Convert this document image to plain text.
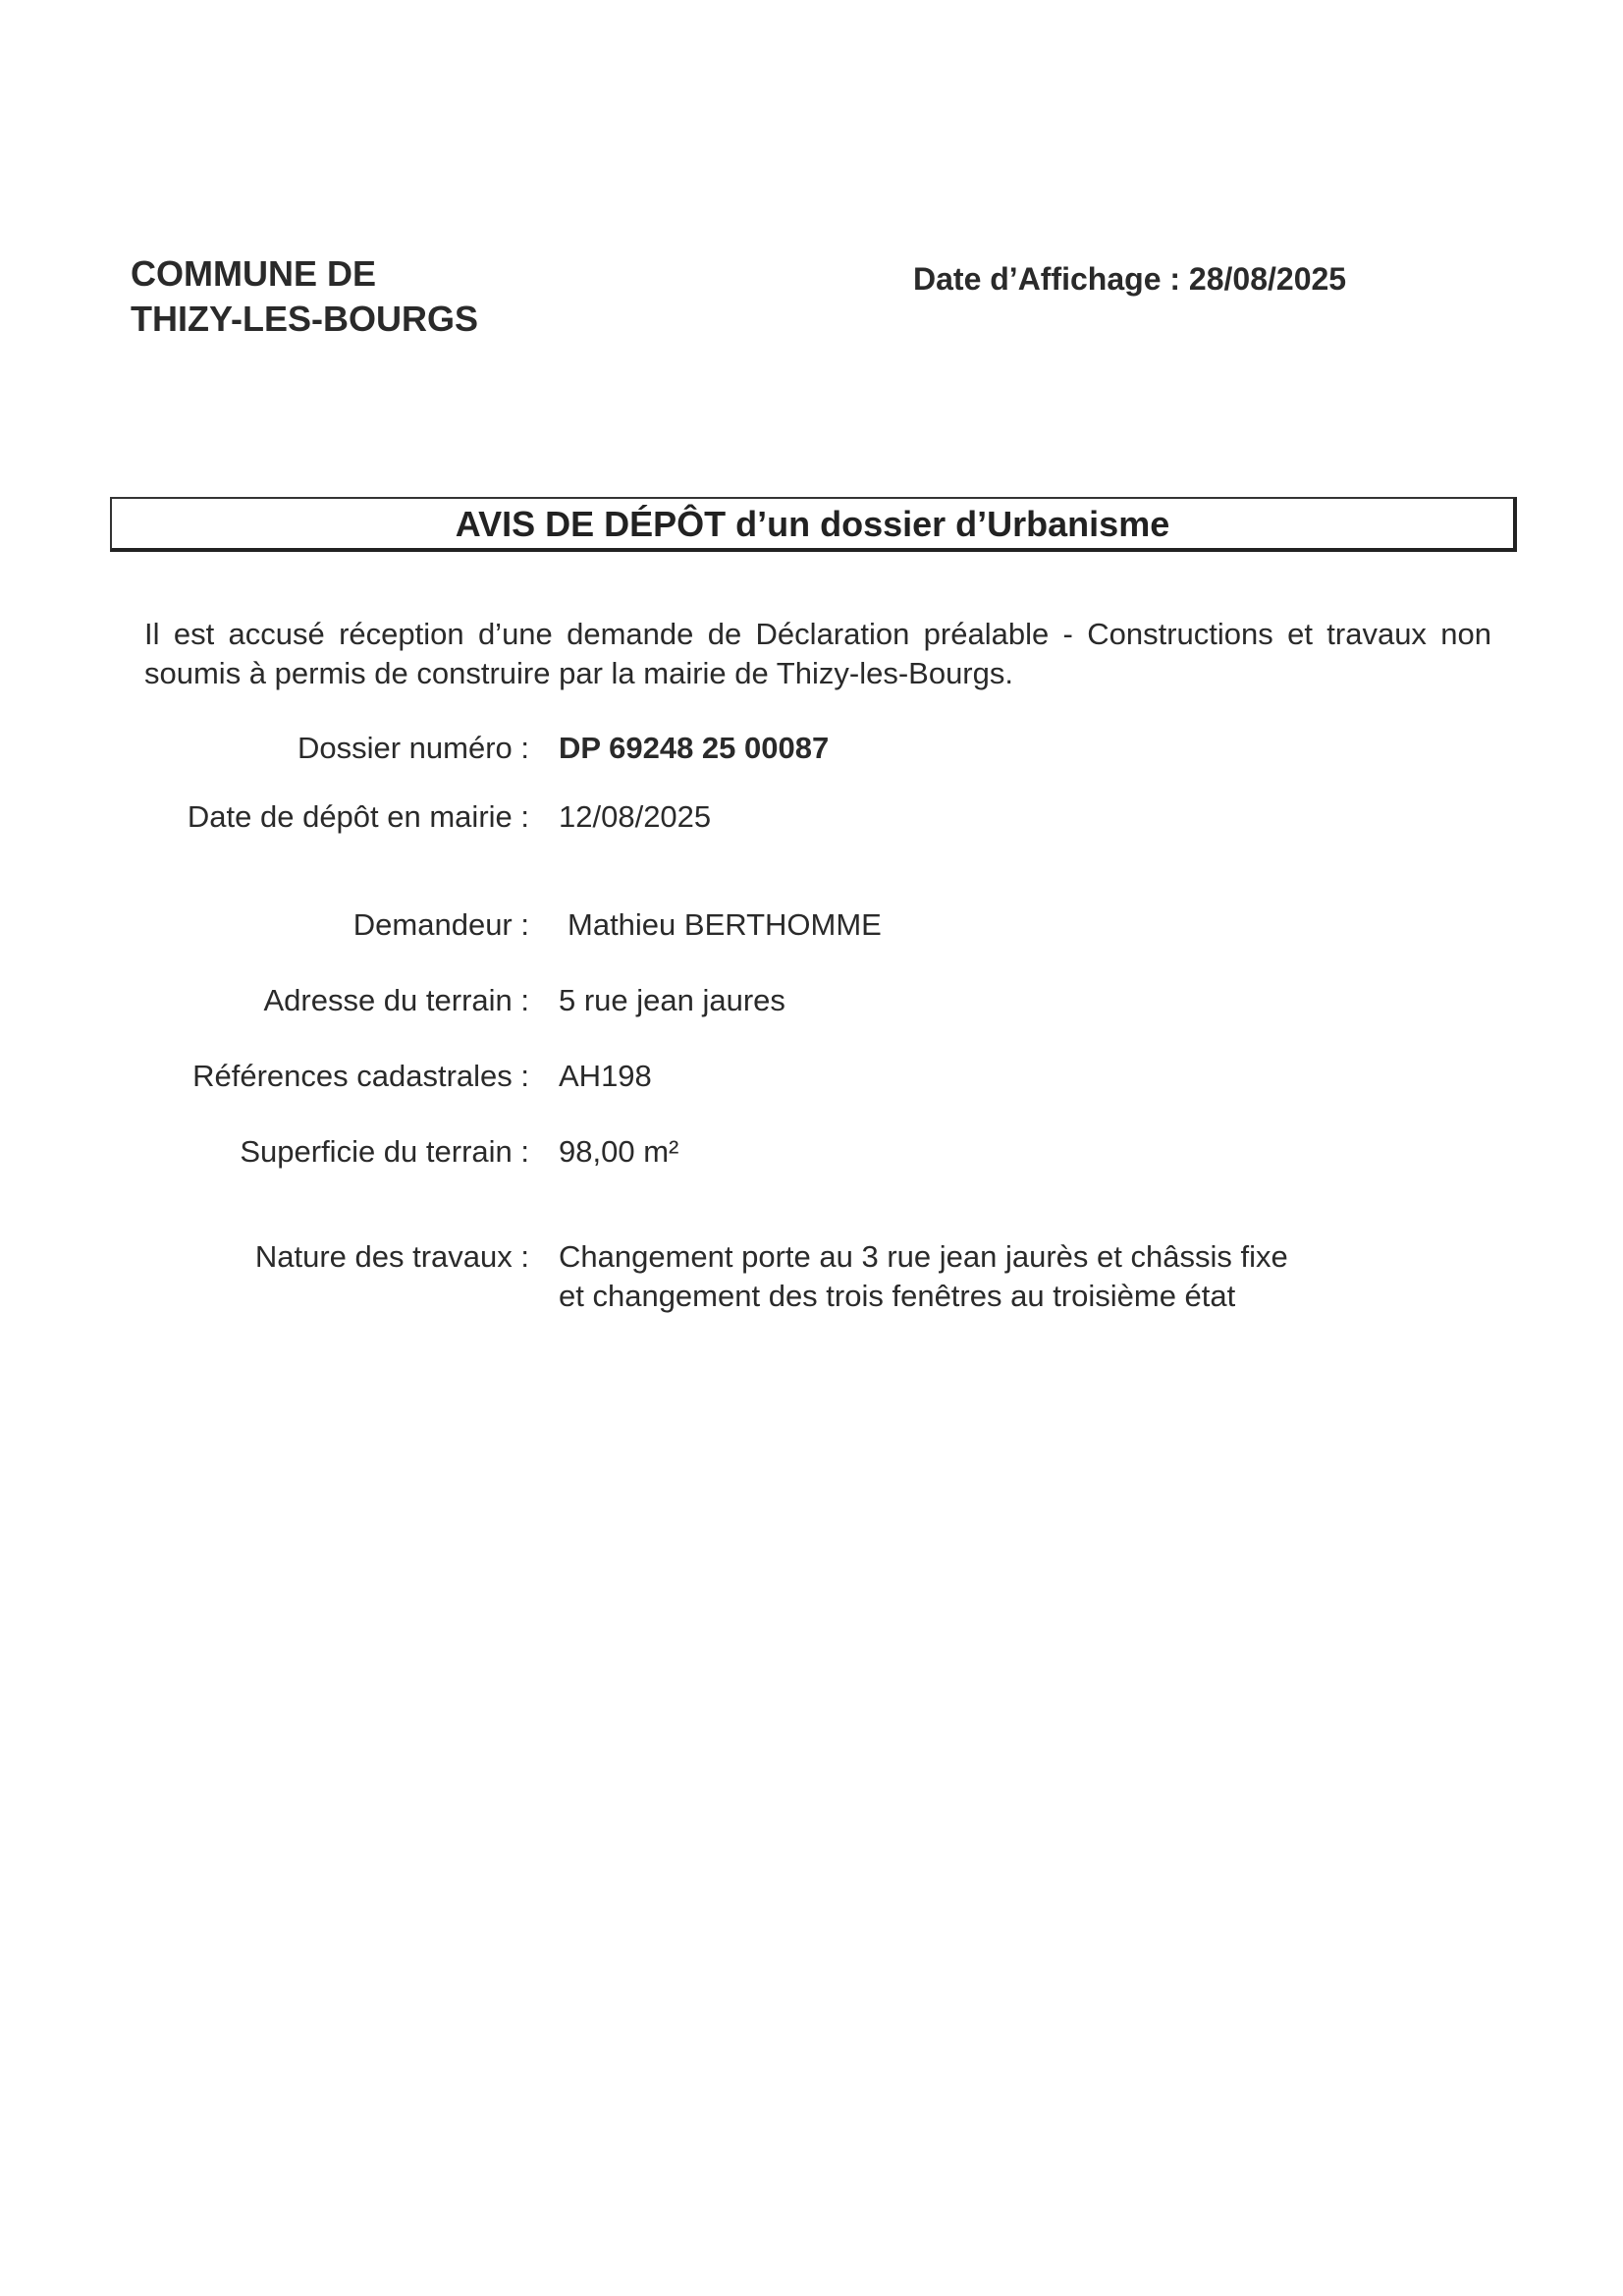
COMMUNE DE
THIZY-LES-BOURGS
Date d’Affichage : 28/08/2025
AVIS DE DÉPÔT d’un dossier d’Urbanisme
Il est accusé réception d’une demande de Déclaration préalable - Constructions et travaux non soumis à permis de construire par la mairie de Thizy-les-Bourgs.
Dossier numéro : DP 69248 25 00087
Date de dépôt en mairie : 12/08/2025
Demandeur : Mathieu BERTHOMME
Adresse du terrain : 5 rue jean jaures
Références cadastrales : AH198
Superficie du terrain : 98,00 m²
Nature des travaux : Changement porte au 3 rue jean jaurès et châssis fixe
et changement des trois fenêtres au troisième état
